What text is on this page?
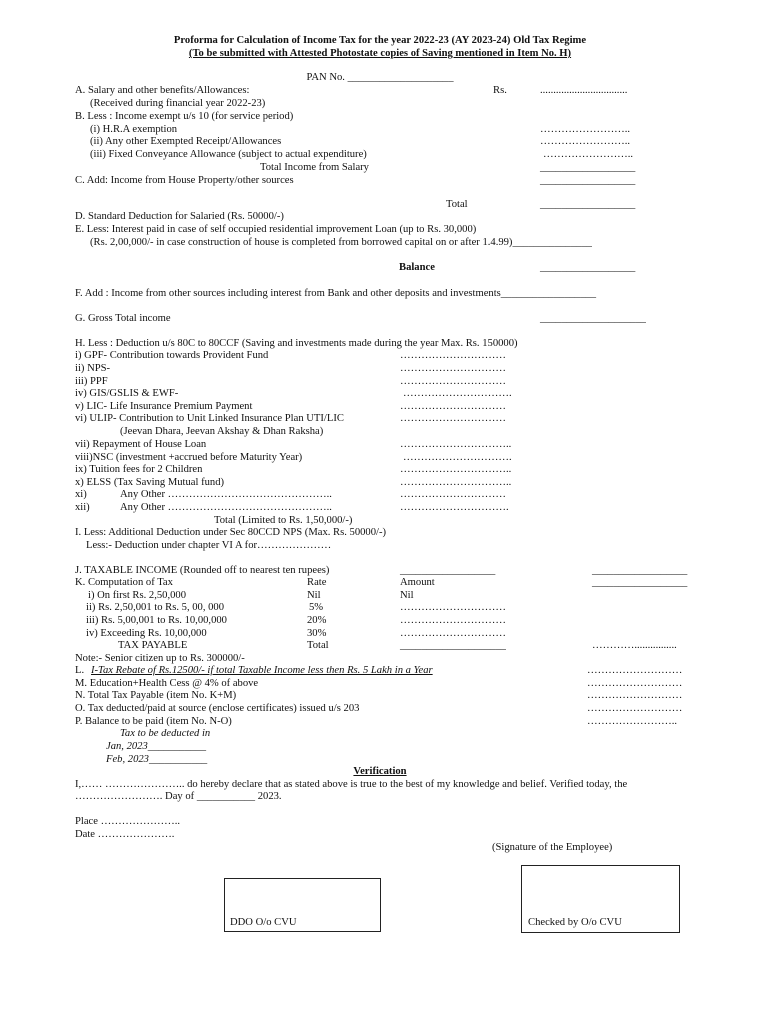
Proforma for Calculation of Income Tax for the year 2022-23 (AY 2023-24) Old Tax Regime
(To be submitted with Attested Photostate copies of Saving mentioned in Item No. H)
PAN No. ____________________
A. Salary and other benefits/Allowances:	Rs.	.................................
(Received during financial year 2022-23)
B. Less : Income exempt u/s 10 (for service period)
(i) H.R.A exemption	……………………..
(ii) Any other Exempted Receipt/Allowances	……………………..
(iii) Fixed Conveyance Allowance (subject to actual expenditure)	……………………..
Total Income from Salary	__________________
C. Add: Income from House Property/other sources	__________________
Total	__________________
D. Standard Deduction for Salaried (Rs. 50000/-)
E. Less: Interest paid in case of self occupied residential improvement Loan (up to Rs. 30,000)
(Rs. 2,00,000/- in case construction of house is completed from borrowed capital on or after 1.4.99)_______________
Balance	__________________
F. Add : Income from other sources including interest from Bank and other deposits and investments__________________
G. Gross Total income	____________________
H. Less : Deduction u/s 80C to 80CCF (Saving and investments made during the year Max. Rs. 150000)
i) GPF- Contribution towards Provident Fund	…………………………
ii) NPS-	…………………………
iii) PPF	…………………………
iv) GIS/GSLIS & EWF-	………………………….
v) LIC- Life Insurance Premium Payment	…………………………
vi) ULIP- Contribution to Unit Linked Insurance Plan UTI/LIC	…………………………
(Jeevan Dhara, Jeevan Akshay & Dhan Raksha)
vii) Repayment of House Loan	…………………………..
viii)NSC (investment +accrued before Maturity Year)	………………………….
ix) Tuition fees for 2 Children	…………………………..
x) ELSS (Tax Saving Mutual fund)	…………………………..
xi)	Any Other ………………………………………..	…………………………
xii)	Any Other ………………………………………..	………………………….
Total (Limited to Rs. 1,50,000/-)
I. Less: Additional Deduction under Sec 80CCD NPS (Max. Rs. 50000/-)
Less:- Deduction under chapter VI A for…………………
J. TAXABLE INCOME (Rounded off to nearest ten rupees)	__________________	__________________
K. Computation of Tax	Rate	Amount	__________________
i) On first Rs. 2,50,000	Nil	Nil
ii) Rs. 2,50,001 to Rs. 5, 00, 000	5%	…………………………
iii) Rs. 5,00,001 to Rs. 10,00,000	20%	…………………………
iv) Exceeding Rs. 10,00,000	30%	…………………………
TAX PAYABLE	Total	____________________	…………................
Note:- Senior citizen up to Rs. 300000/-
L. I-Tax Rebate of Rs.12500/- if total Taxable Income less then Rs. 5 Lakh in a Year	………………………
M. Education+Health Cess @ 4% of above	………………………
N. Total Tax Payable (item No. K+M)	………………………
O. Tax deducted/paid at source (enclose certificates) issued u/s 203	………………………
P. Balance to be paid (item No. N-O)	……………………..
Tax to be deducted in
Jan, 2023___________
Feb, 2023___________
Verification
I,…… ………………….. do hereby declare that as stated above is true to the best of my knowledge and belief. Verified today, the
……………………. Day of ___________ 2023.
Place …………………..
Date ………………….
(Signature of the Employee)
DDO O/o CVU	Checked by O/o CVU
